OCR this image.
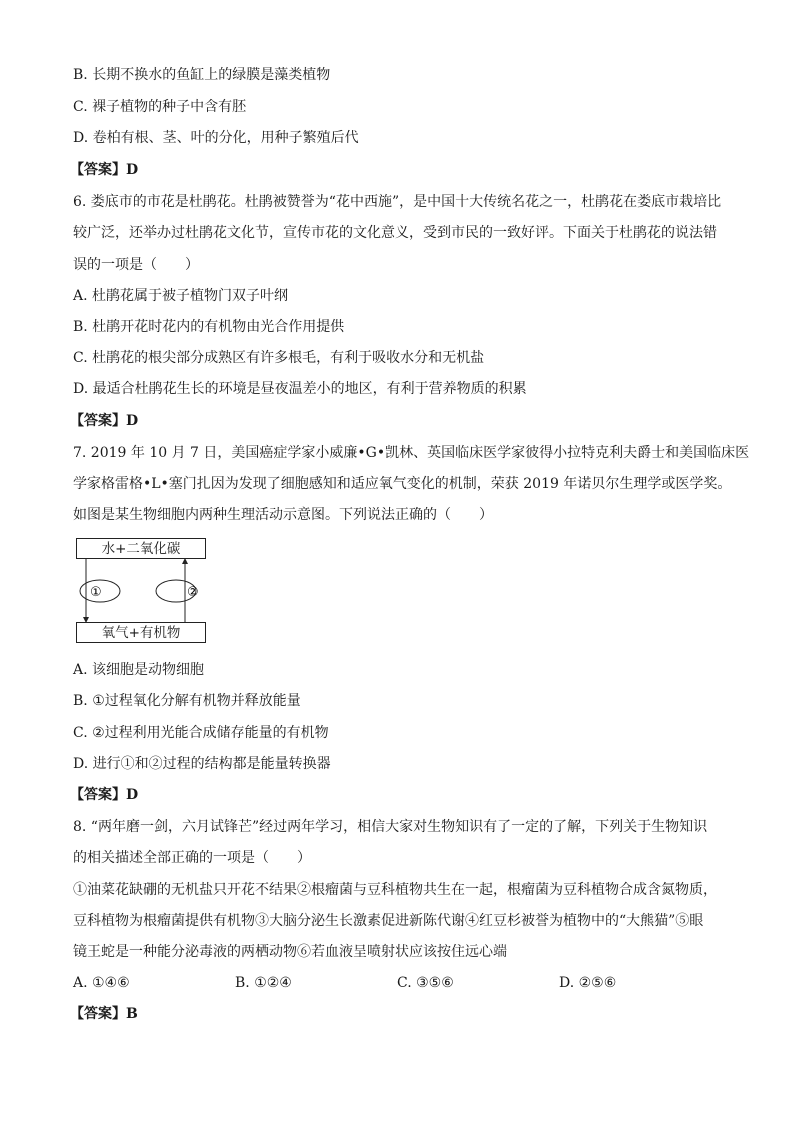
B. 长期不换水的鱼缸上的绿膜是藻类植物
C. 裸子植物的种子中含有胚
D. 卷柏有根、茎、叶的分化，用种子繁殖后代
【答案】D
6. 娄底市的市花是杜鹃花。杜鹃被赞誉为“花中西施”，是中国十大传统名花之一，杜鹃花在娄底市栽培比
较广泛，还举办过杜鹃花文化节，宣传市花的文化意义，受到市民的一致好评。下面关于杜鹃花的说法错
误的一项是（　　）
A. 杜鹃花属于被子植物门双子叶纲
B. 杜鹃开花时花内的有机物由光合作用提供
C. 杜鹃花的根尖部分成熟区有许多根毛，有利于吸收水分和无机盐
D. 最适合杜鹃花生长的环境是昼夜温差小的地区，有利于营养物质的积累
【答案】D
7. 2019 年 10 月 7 日，美国癌症学家小威廉•G•凯林、英国临床医学家彼得小拉特克利夫爵士和美国临床医
学家格雷格•L•塞门扎因为发现了细胞感知和适应氧气变化的机制，荣获 2019 年诺贝尔生理学或医学奖。
如图是某生物细胞内两种生理活动示意图。下列说法正确的（　　）
水+二氧化碳
氧气+有机物
①	②
A. 该细胞是动物细胞
B. ①过程氧化分解有机物并释放能量
C. ②过程利用光能合成储存能量的有机物
D. 进行①和②过程的结构都是能量转换器
【答案】D
8. “两年磨一剑，六月试锋芒”经过两年学习，相信大家对生物知识有了一定的了解，下列关于生物知识
的相关描述全部正确的一项是（　　）
①油菜花缺硼的无机盐只开花不结果②根瘤菌与豆科植物共生在一起，根瘤菌为豆科植物合成含氮物质，
豆科植物为根瘤菌提供有机物③大脑分泌生长激素促进新陈代谢④红豆杉被誉为植物中的“大熊猫”⑤眼
镜王蛇是一种能分泌毒液的两栖动物⑥若血液呈喷射状应该按住远心端
A. ①④⑥	B. ①②④	C. ③⑤⑥	D. ②⑤⑥
【答案】B
